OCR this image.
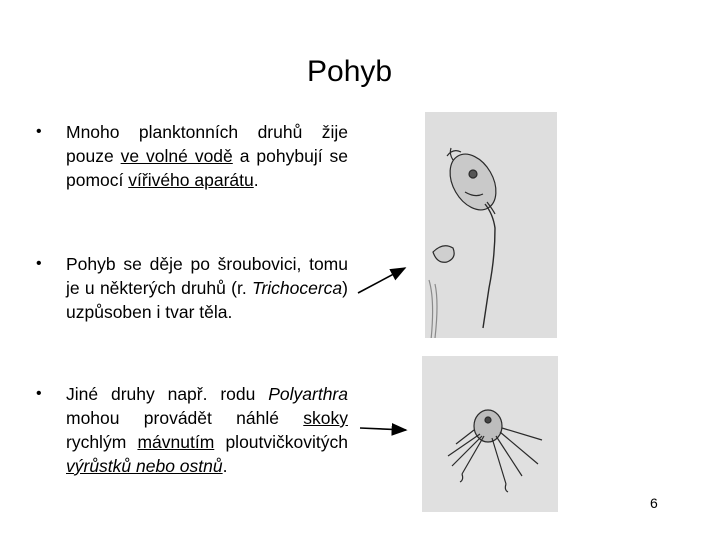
Pohyb
• Mnoho planktonních druhů žije pouze ve volné vodě a pohybují se pomocí vířivého aparátu.
• Pohyb se děje po šroubovici, tomu je u některých druhů (r. Trichocerca) uzpůsoben i tvar těla.
• Jiné druhy např. rodu Polyarthra mohou provádět náhlé skoky rychlým mávnutím ploutvičkovitých výrůstků nebo ostnů.
6
